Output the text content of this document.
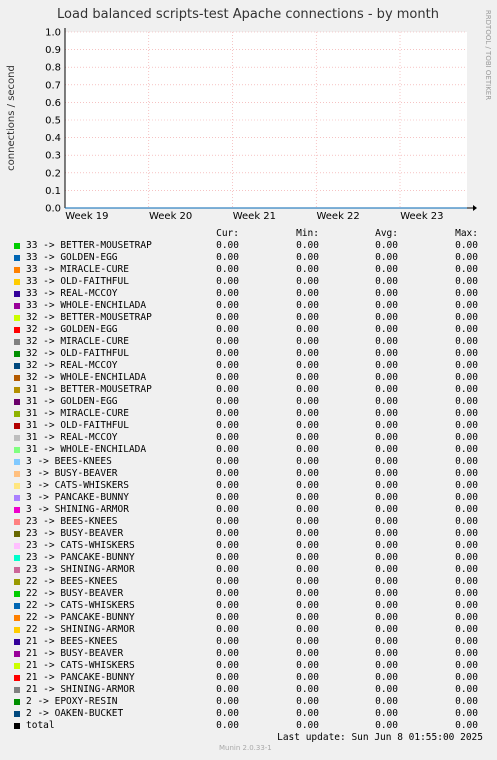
Load balanced scripts-test Apache connections - by month
connections / second
RRDTOOL / TOBI OETIKER
0.0
0.1
0.2
0.3
0.4
0.5
0.6
0.7
0.8
0.9
1.0
Week 19	Week 20	Week 21	Week 22	Week 23
Cur:	Min:	Avg:	Max:
33 -> BETTER-MOUSETRAP	0.00	0.00	0.00	0.00
33 -> GOLDEN-EGG	0.00	0.00	0.00	0.00
33 -> MIRACLE-CURE	0.00	0.00	0.00	0.00
33 -> OLD-FAITHFUL	0.00	0.00	0.00	0.00
33 -> REAL-MCCOY	0.00	0.00	0.00	0.00
33 -> WHOLE-ENCHILADA	0.00	0.00	0.00	0.00
32 -> BETTER-MOUSETRAP	0.00	0.00	0.00	0.00
32 -> GOLDEN-EGG	0.00	0.00	0.00	0.00
32 -> MIRACLE-CURE	0.00	0.00	0.00	0.00
32 -> OLD-FAITHFUL	0.00	0.00	0.00	0.00
32 -> REAL-MCCOY	0.00	0.00	0.00	0.00
32 -> WHOLE-ENCHILADA	0.00	0.00	0.00	0.00
31 -> BETTER-MOUSETRAP	0.00	0.00	0.00	0.00
31 -> GOLDEN-EGG	0.00	0.00	0.00	0.00
31 -> MIRACLE-CURE	0.00	0.00	0.00	0.00
31 -> OLD-FAITHFUL	0.00	0.00	0.00	0.00
31 -> REAL-MCCOY	0.00	0.00	0.00	0.00
31 -> WHOLE-ENCHILADA	0.00	0.00	0.00	0.00
3 -> BEES-KNEES	0.00	0.00	0.00	0.00
3 -> BUSY-BEAVER	0.00	0.00	0.00	0.00
3 -> CATS-WHISKERS	0.00	0.00	0.00	0.00
3 -> PANCAKE-BUNNY	0.00	0.00	0.00	0.00
3 -> SHINING-ARMOR	0.00	0.00	0.00	0.00
23 -> BEES-KNEES	0.00	0.00	0.00	0.00
23 -> BUSY-BEAVER	0.00	0.00	0.00	0.00
23 -> CATS-WHISKERS	0.00	0.00	0.00	0.00
23 -> PANCAKE-BUNNY	0.00	0.00	0.00	0.00
23 -> SHINING-ARMOR	0.00	0.00	0.00	0.00
22 -> BEES-KNEES	0.00	0.00	0.00	0.00
22 -> BUSY-BEAVER	0.00	0.00	0.00	0.00
22 -> CATS-WHISKERS	0.00	0.00	0.00	0.00
22 -> PANCAKE-BUNNY	0.00	0.00	0.00	0.00
22 -> SHINING-ARMOR	0.00	0.00	0.00	0.00
21 -> BEES-KNEES	0.00	0.00	0.00	0.00
21 -> BUSY-BEAVER	0.00	0.00	0.00	0.00
21 -> CATS-WHISKERS	0.00	0.00	0.00	0.00
21 -> PANCAKE-BUNNY	0.00	0.00	0.00	0.00
21 -> SHINING-ARMOR	0.00	0.00	0.00	0.00
2 -> EPOXY-RESIN	0.00	0.00	0.00	0.00
2 -> OAKEN-BUCKET	0.00	0.00	0.00	0.00
total	0.00	0.00	0.00	0.00
Last update: Sun Jun 8 01:55:00 2025
Munin 2.0.33-1
